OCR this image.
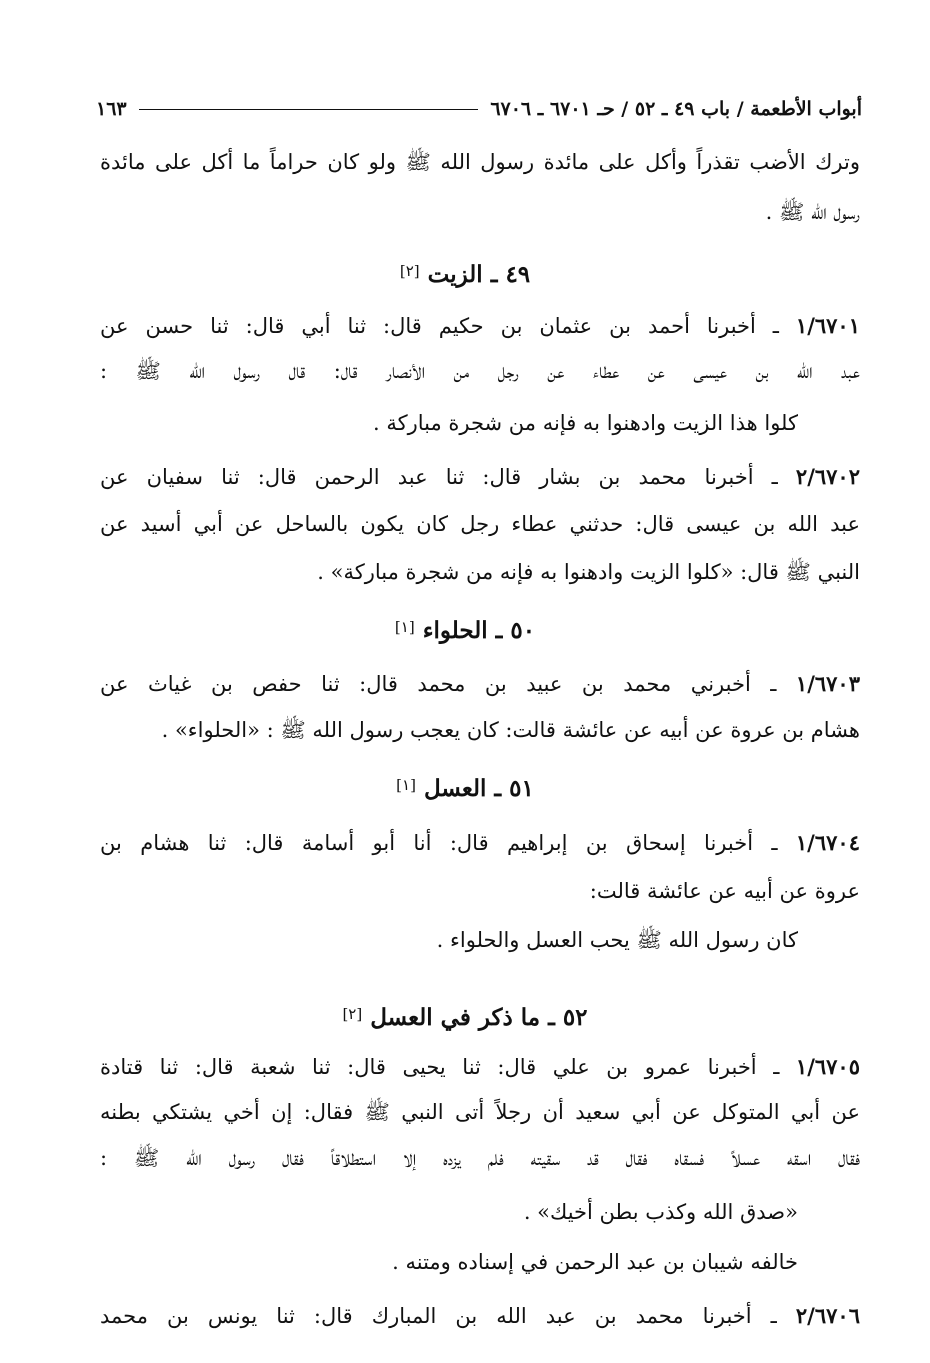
أبواب الأطعمة / باب ٤٩ ـ ٥٢ / حـ ٦٧٠١ ـ ٦٧٠٦
١٦٣
وترك الأضب تقذراً وأكل على مائدة رسول الله ﷺ ولو كان حراماً ما أكل على مائدة
رسول الله ﷺ .
٤٩ ـ الزيت [٢]
١/٦٧٠١ ـ أخبرنا أحمد بن عثمان بن حكيم قال: ثنا أبي قال: ثنا حسن عن
عبد الله بن عيسى عن عطاء عن رجل من الأنصار قال: قال رسول الله ﷺ :
كلوا هذا الزيت وادهنوا به فإنه من شجرة مباركة .
٢/٦٧٠٢ ـ أخبرنا محمد بن بشار قال: ثنا عبد الرحمن قال: ثنا سفيان عن
عبد الله بن عيسى قال: حدثني عطاء رجل كان يكون بالساحل عن أبي أسيد عن
النبي ﷺ قال: «كلوا الزيت وادهنوا به فإنه من شجرة مباركة» .
٥٠ ـ الحلواء [١]
١/٦٧٠٣ ـ أخبرني محمد بن عبيد بن محمد قال: ثنا حفص بن غياث عن
هشام بن عروة عن أبيه عن عائشة قالت: كان يعجب رسول الله ﷺ : «الحلواء» .
٥١ ـ العسل [١]
١/٦٧٠٤ ـ أخبرنا إسحاق بن إبراهيم قال: أنا أبو أسامة قال: ثنا هشام بن
عروة عن أبيه عن عائشة قالت:
كان رسول الله ﷺ يحب العسل والحلواء .
٥٢ ـ ما ذكر في العسل [٢]
١/٦٧٠٥ ـ أخبرنا عمرو بن علي قال: ثنا يحيى قال: ثنا شعبة قال: ثنا قتادة
عن أبي المتوكل عن أبي سعيد أن رجلاً أتى النبي ﷺ فقال: إن أخي يشتكي بطنه
فقال اسقه عسلاً فسقاه فقال قد سقيته فلم يزده إلا استطلاقاً فقال رسول الله ﷺ :
«صدق الله وكذب بطن أخيك» .
خالفه شيبان بن عبد الرحمن في إسناده ومتنه .
٢/٦٧٠٦ ـ أخبرنا محمد بن عبد الله بن المبارك قال: ثنا يونس بن محمد
